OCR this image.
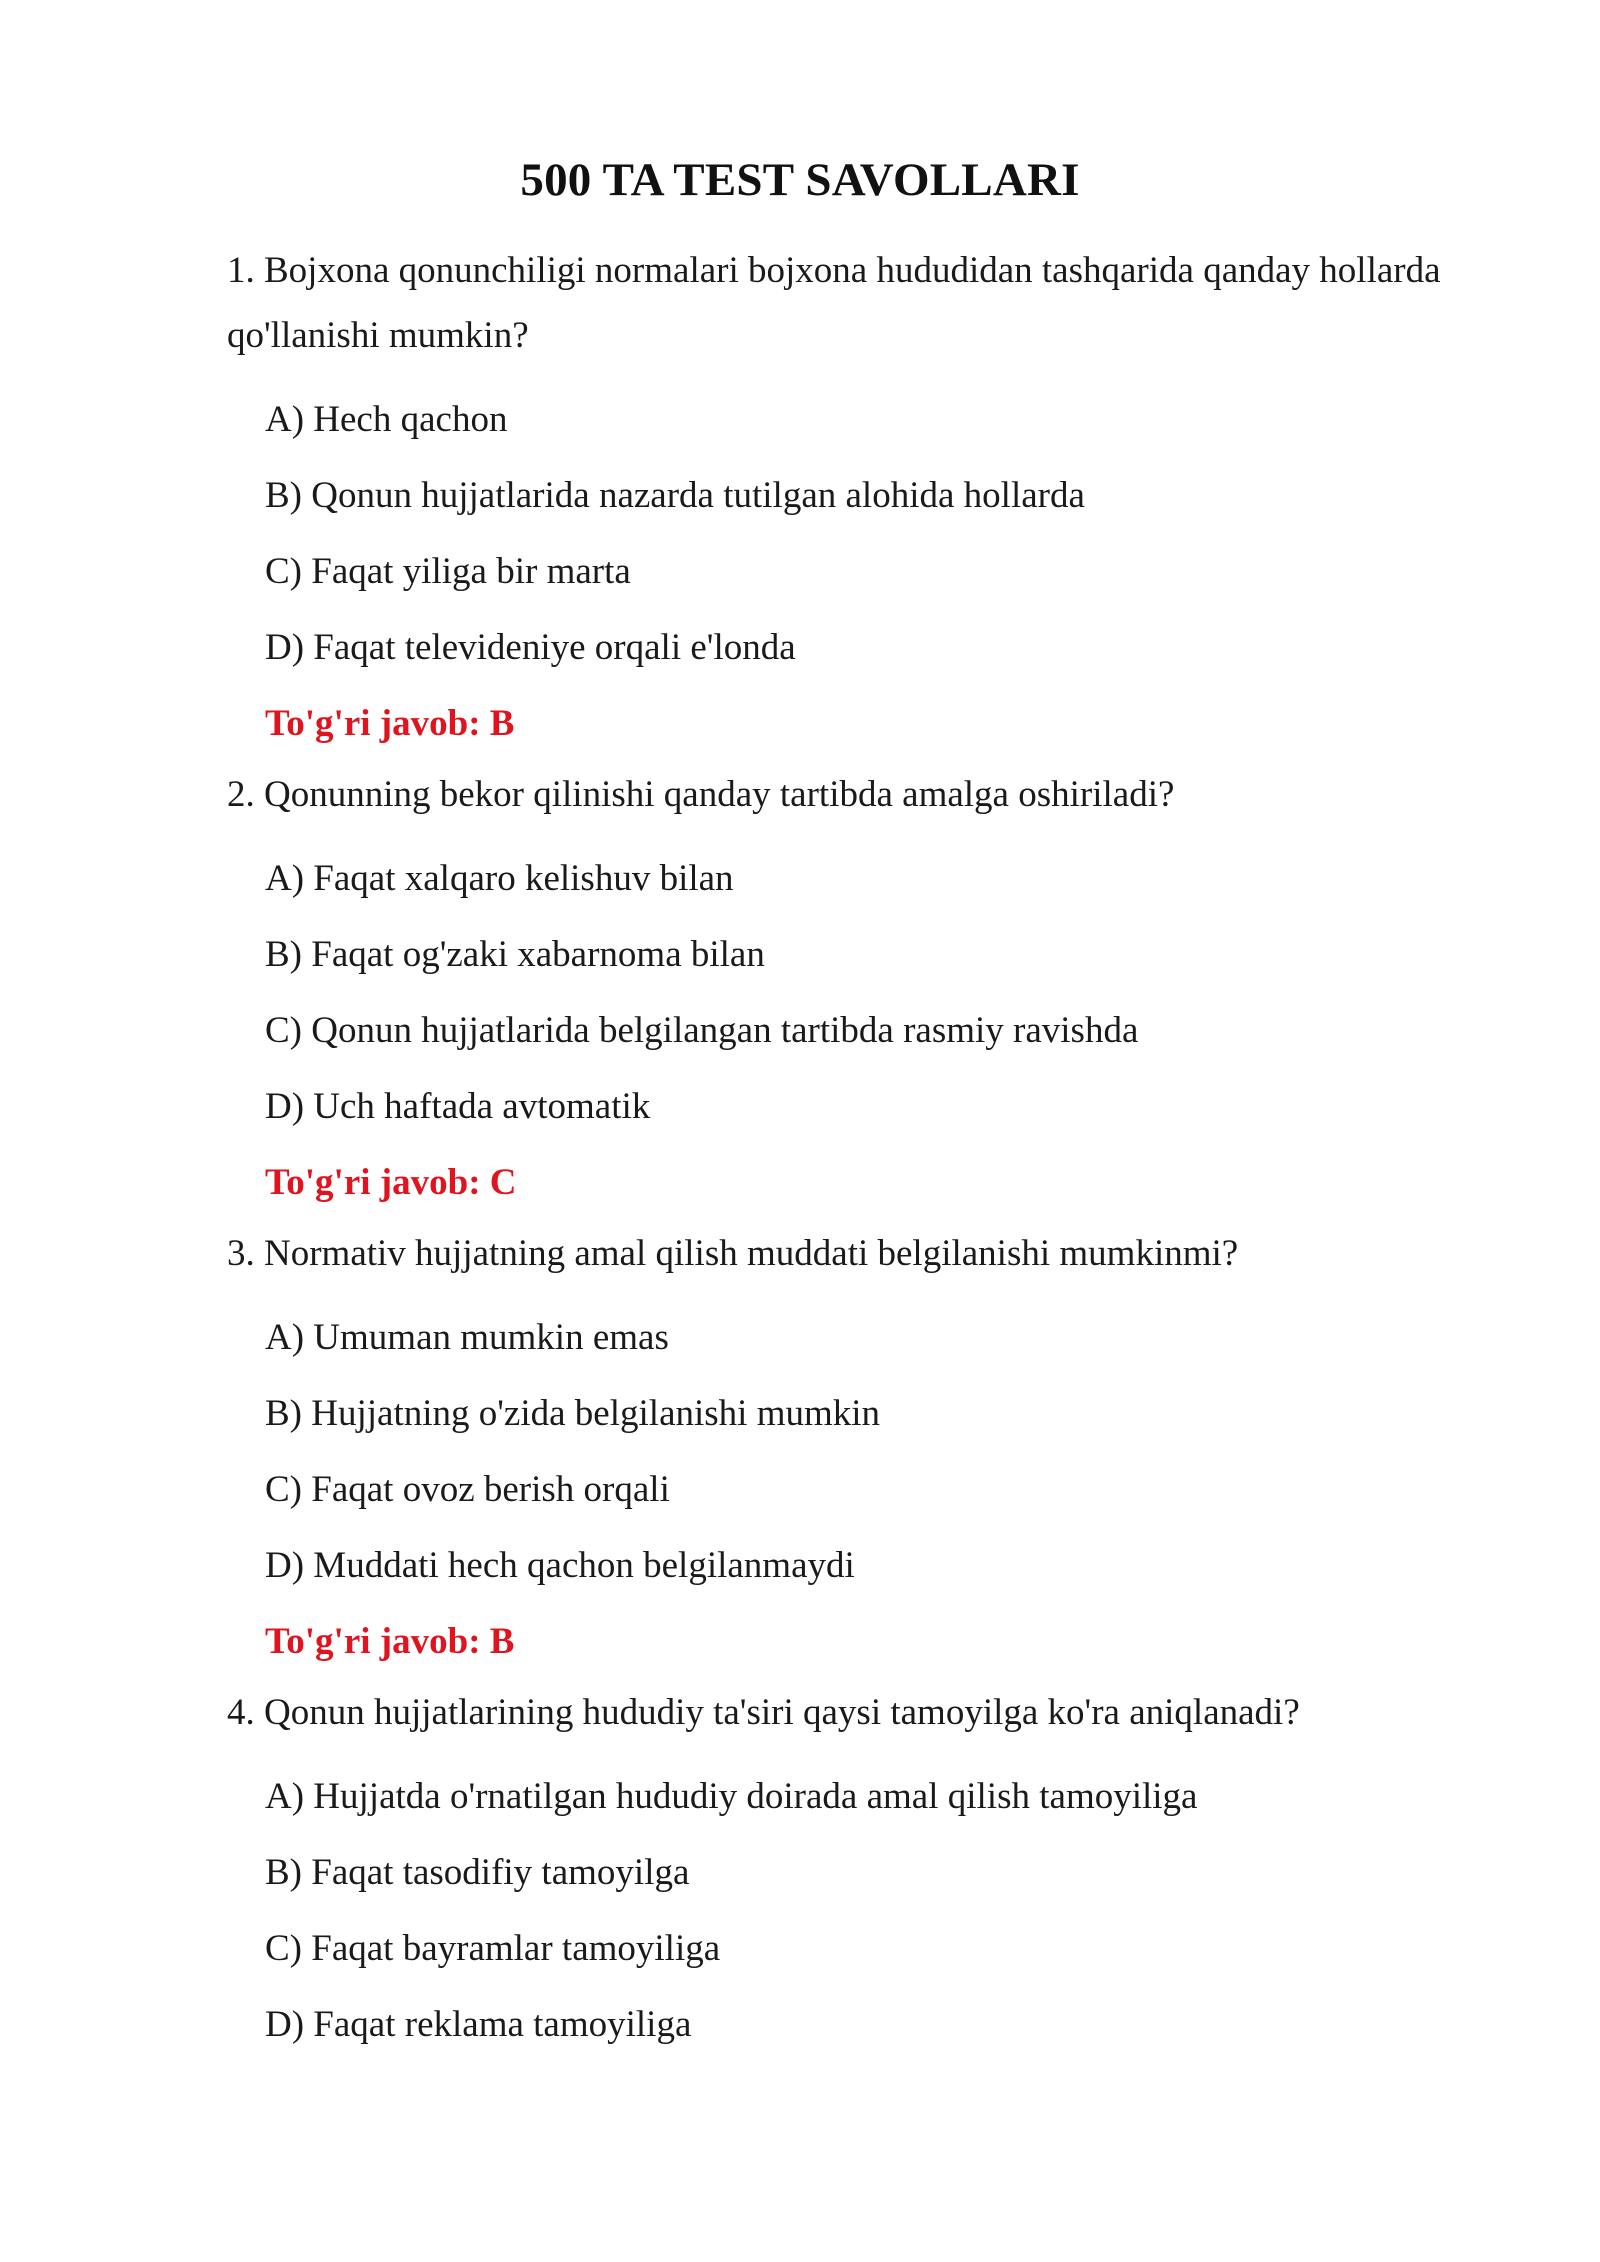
500 TA TEST SAVOLLARI

1. Bojxona qonunchiligi normalari bojxona hududidan tashqarida qanday hollarda qo'llanishi mumkin?

A) Hech qachon
B) Qonun hujjatlarida nazarda tutilgan alohida hollarda
C) Faqat yiliga bir marta
D) Faqat televideniye orqali e'londa
To'g'ri javob: B

2. Qonunning bekor qilinishi qanday tartibda amalga oshiriladi?

A) Faqat xalqaro kelishuv bilan
B) Faqat og'zaki xabarnoma bilan
C) Qonun hujjatlarida belgilangan tartibda rasmiy ravishda
D) Uch haftada avtomatik
To'g'ri javob: C

3. Normativ hujjatning amal qilish muddati belgilanishi mumkinmi?

A) Umuman mumkin emas
B) Hujjatning o'zida belgilanishi mumkin
C) Faqat ovoz berish orqali
D) Muddati hech qachon belgilanmaydi
To'g'ri javob: B

4. Qonun hujjatlarining hududiy ta'siri qaysi tamoyilga ko'ra aniqlanadi?

A) Hujjatda o'rnatilgan hududiy doirada amal qilish tamoyiliga
B) Faqat tasodifiy tamoyilga
C) Faqat bayramlar tamoyiliga
D) Faqat reklama tamoyiliga
